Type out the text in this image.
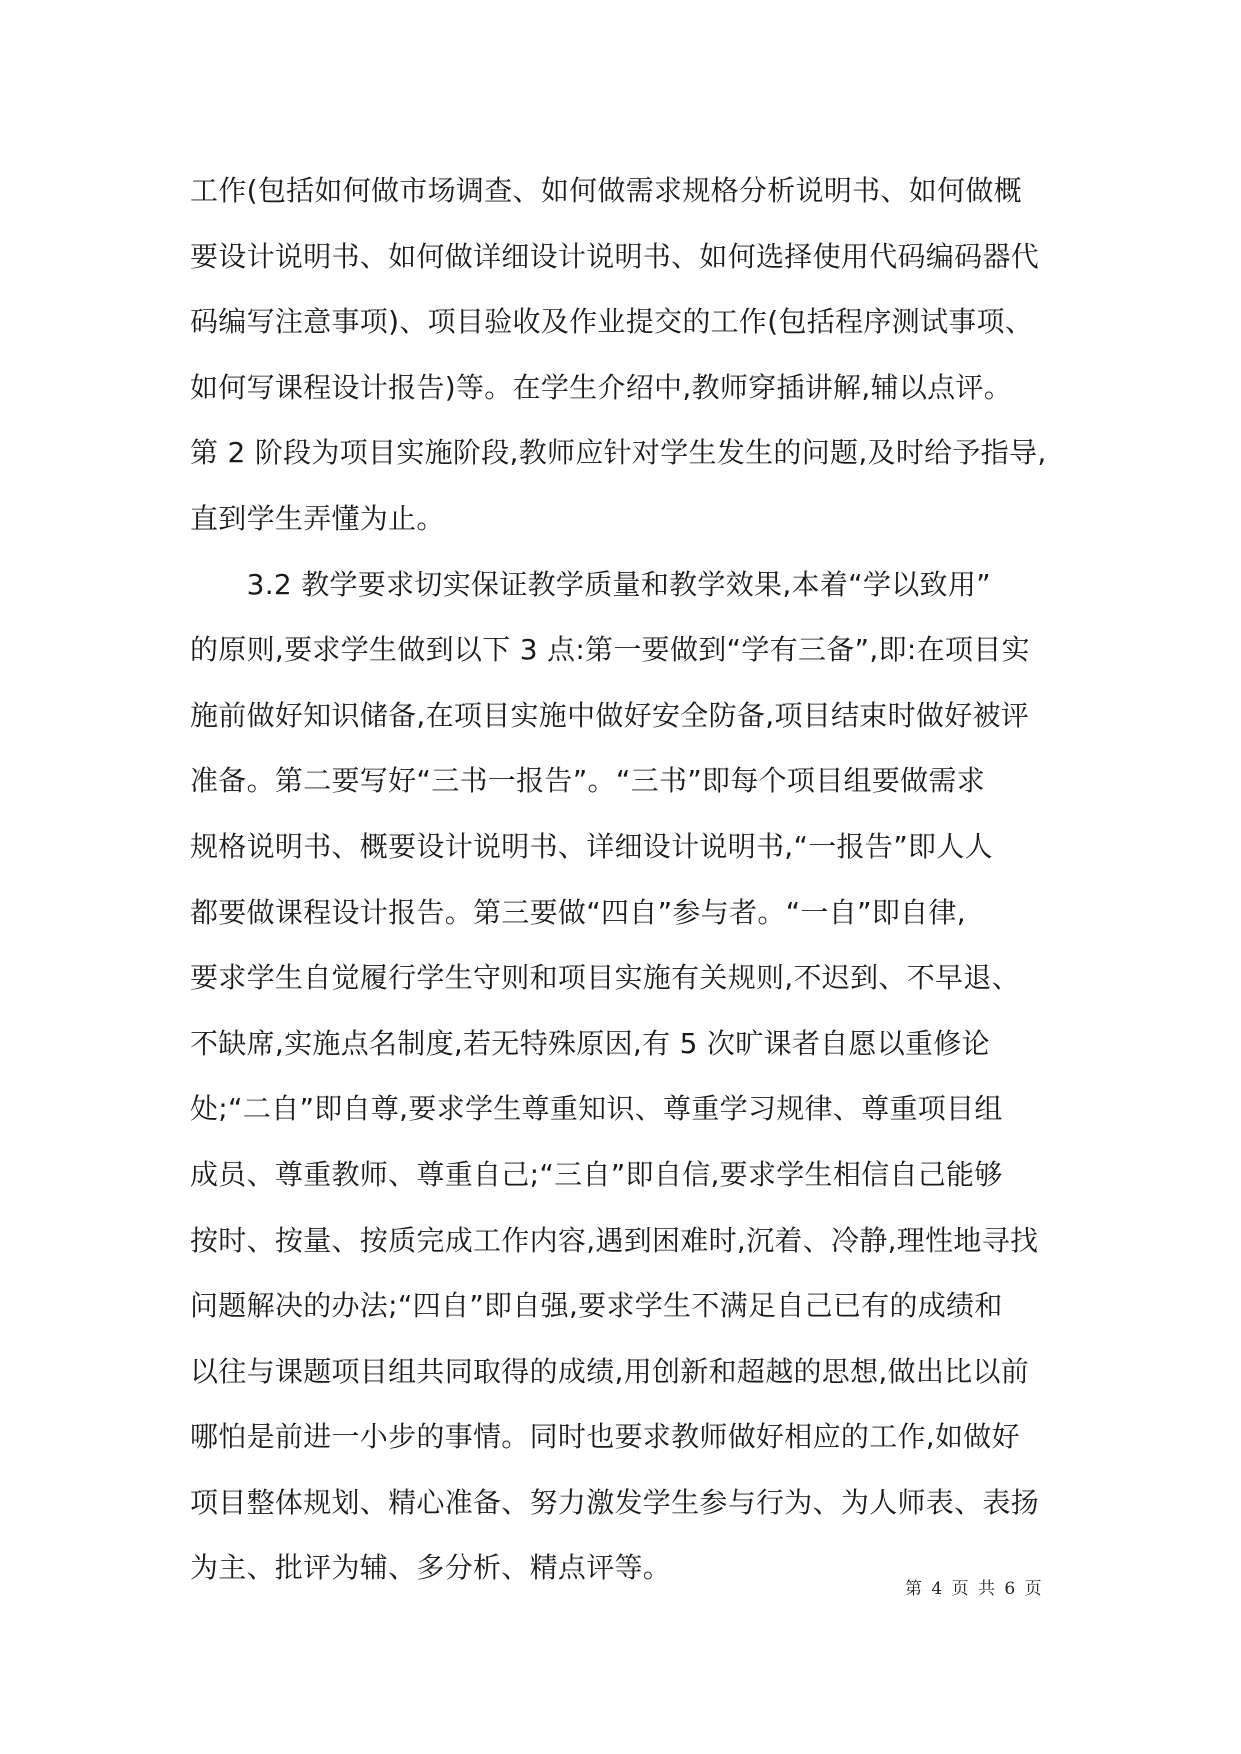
工作(包括如何做市场调查、如何做需求规格分析说明书、如何做概
要设计说明书、如何做详细设计说明书、如何选择使用代码编码器代
码编写注意事项)、项目验收及作业提交的工作(包括程序测试事项、
如何写课程设计报告)等。在学生介绍中,教师穿插讲解,辅以点评。
第 2 阶段为项目实施阶段,教师应针对学生发生的问题,及时给予指导,
直到学生弄懂为止。

　　3.2 教学要求切实保证教学质量和教学效果,本着“学以致用”
的原则,要求学生做到以下 3 点:第一要做到“学有三备”,即:在项目实
施前做好知识储备,在项目实施中做好安全防备,项目结束时做好被评
准备。第二要写好“三书一报告”。“三书”即每个项目组要做需求
规格说明书、概要设计说明书、详细设计说明书,“一报告”即人人
都要做课程设计报告。第三要做“四自”参与者。“一自”即自律,
要求学生自觉履行学生守则和项目实施有关规则,不迟到、不早退、
不缺席,实施点名制度,若无特殊原因,有 5 次旷课者自愿以重修论
处;“二自”即自尊,要求学生尊重知识、尊重学习规律、尊重项目组
成员、尊重教师、尊重自己;“三自”即自信,要求学生相信自己能够
按时、按量、按质完成工作内容,遇到困难时,沉着、冷静,理性地寻找
问题解决的办法;“四自”即自强,要求学生不满足自己已有的成绩和
以往与课题项目组共同取得的成绩,用创新和超越的思想,做出比以前
哪怕是前进一小步的事情。同时也要求教师做好相应的工作,如做好
项目整体规划、精心准备、努力激发学生参与行为、为人师表、表扬
为主、批评为辅、多分析、精点评等。

第 4 页 共 6 页
